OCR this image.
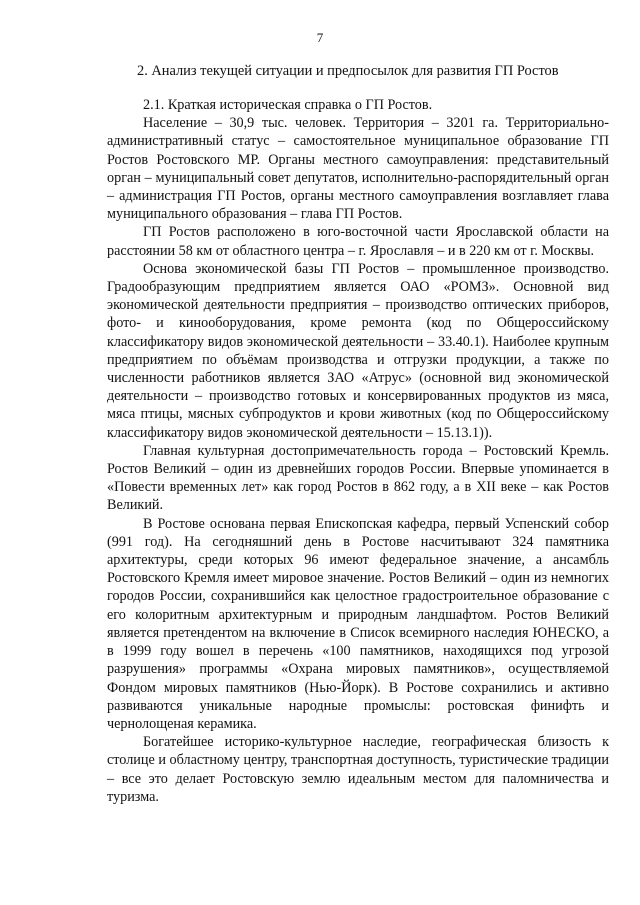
7
2. Анализ текущей ситуации и предпосылок для развития ГП Ростов

2.1. Краткая историческая справка о ГП Ростов.

Население – 30,9 тыс. человек. Территория – 3201 га. Территориально-административный статус – самостоятельное муниципальное образование ГП Ростов Ростовского МР. Органы местного самоуправления: представительный орган – муниципальный совет депутатов, исполнительно-распорядительный орган – администрация ГП Ростов, органы местного самоуправления возглавляет глава муниципального образования – глава ГП Ростов.

ГП Ростов расположено в юго-восточной части Ярославской области на расстоянии 58 км от областного центра – г. Ярославля – и в 220 км от г. Москвы.

Основа экономической базы ГП Ростов – промышленное производство. Градообразующим предприятием является ОАО «РОМЗ». Основной вид экономической деятельности предприятия – производство оптических приборов, фото- и кинооборудования, кроме ремонта (код по Общероссийскому классификатору видов экономической деятельности – 33.40.1). Наиболее крупным предприятием по объёмам производства и отгрузки продукции, а также по численности работников является ЗАО «Атрус» (основной вид экономической деятельности – производство готовых и консервированных продуктов из мяса, мяса птицы, мясных субпродуктов и крови животных (код по Общероссийскому классификатору видов экономической деятельности – 15.13.1)).

Главная культурная достопримечательность города – Ростовский Кремль. Ростов Великий – один из древнейших городов России. Впервые упоминается в «Повести временных лет» как город Ростов в 862 году, а в XII веке – как Ростов Великий.

В Ростове основана первая Епископская кафедра, первый Успенский собор (991 год). На сегодняшний день в Ростове насчитывают 324 памятника архитектуры, среди которых 96 имеют федеральное значение, а ансамбль Ростовского Кремля имеет мировое значение. Ростов Великий – один из немногих городов России, сохранившийся как целостное градостроительное образование с его колоритным архитектурным и природным ландшафтом. Ростов Великий является претендентом на включение в Список всемирного наследия ЮНЕСКО, а в 1999 году вошел в перечень «100 памятников, находящихся под угрозой разрушения» программы «Охрана мировых памятников», осуществляемой Фондом мировых памятников (Нью-Йорк). В Ростове сохранились и активно развиваются уникальные народные промыслы: ростовская финифть и чернолощеная керамика.

Богатейшее историко-культурное наследие, географическая близость к столице и областному центру, транспортная доступность, туристические традиции – все это делает Ростовскую землю идеальным местом для паломничества и туризма.
